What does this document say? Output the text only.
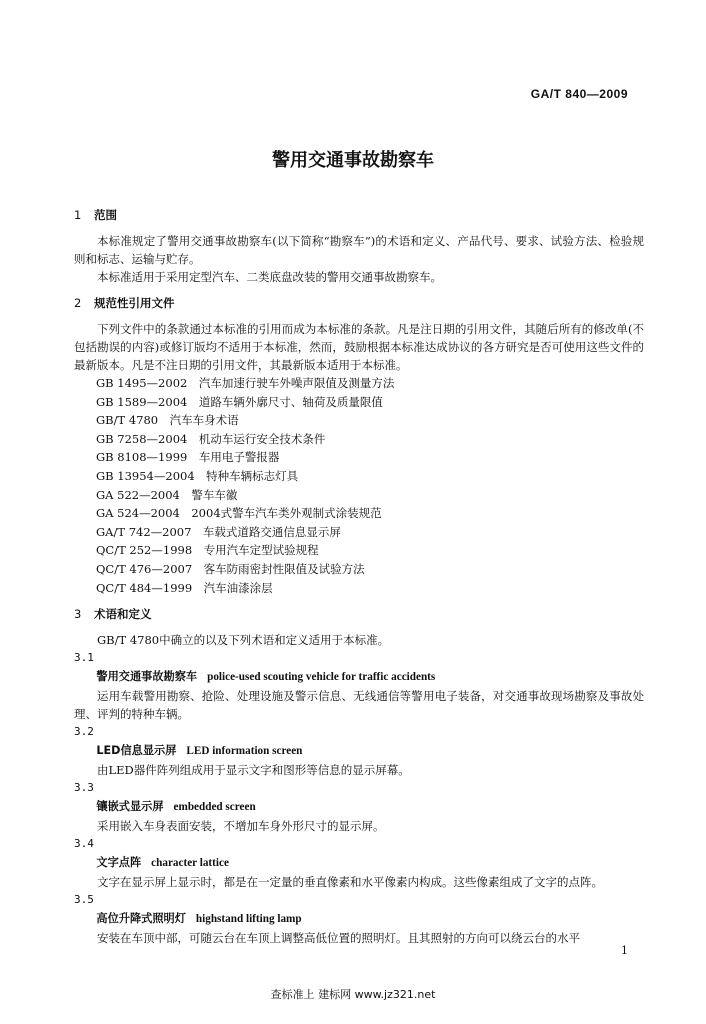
GA/T 840—2009
警用交通事故勘察车
1 范围

本标准规定了警用交通事故勘察车(以下简称“勘察车”)的术语和定义、产品代号、要求、试验方法、检验规则和标志、运输与贮存。

本标准适用于采用定型汽车、二类底盘改装的警用交通事故勘察车。

2 规范性引用文件

下列文件中的条款通过本标准的引用而成为本标准的条款。凡是注日期的引用文件，其随后所有的修改单(不包括勘误的内容)或修订版均不适用于本标准，然而，鼓励根据本标准达成协议的各方研究是否可使用这些文件的最新版本。凡是不注日期的引用文件，其最新版本适用于本标准。

GB 1495—2002　汽车加速行驶车外噪声限值及测量方法

GB 1589—2004　道路车辆外廓尺寸、轴荷及质量限值

GB/T 4780　汽车车身术语

GB 7258—2004　机动车运行安全技术条件

GB 8108—1999　车用电子警报器

GB 13954—2004　特种车辆标志灯具

GA 522—2004　警车车徽

GA 524—2004　2004式警车汽车类外观制式涂装规范

GA/T 742—2007　车载式道路交通信息显示屏

QC/T 252—1998　专用汽车定型试验规程

QC/T 476—2007　客车防雨密封性限值及试验方法

QC/T 484—1999　汽车油漆涂层

3 术语和定义

GB/T 4780中确立的以及下列术语和定义适用于本标准。

3.1

警用交通事故勘察车 police-used scouting vehicle for traffic accidents

运用车载警用勘察、抢险、处理设施及警示信息、无线通信等警用电子装备，对交通事故现场勘察及事故处理、评判的特种车辆。

3.2

LED信息显示屏 LED information screen

由LED器件阵列组成用于显示文字和图形等信息的显示屏幕。

3.3

镶嵌式显示屏 embedded screen

采用嵌入车身表面安装，不增加车身外形尺寸的显示屏。

3.4

文字点阵 character lattice

文字在显示屏上显示时，都是在一定量的垂直像素和水平像素内构成。这些像素组成了文字的点阵。

3.5

高位升降式照明灯 highstand lifting lamp

安装在车顶中部，可随云台在车顶上调整高低位置的照明灯。且其照射的方向可以绕云台的水平

1
查标准上 建标网 www.jz321.net
